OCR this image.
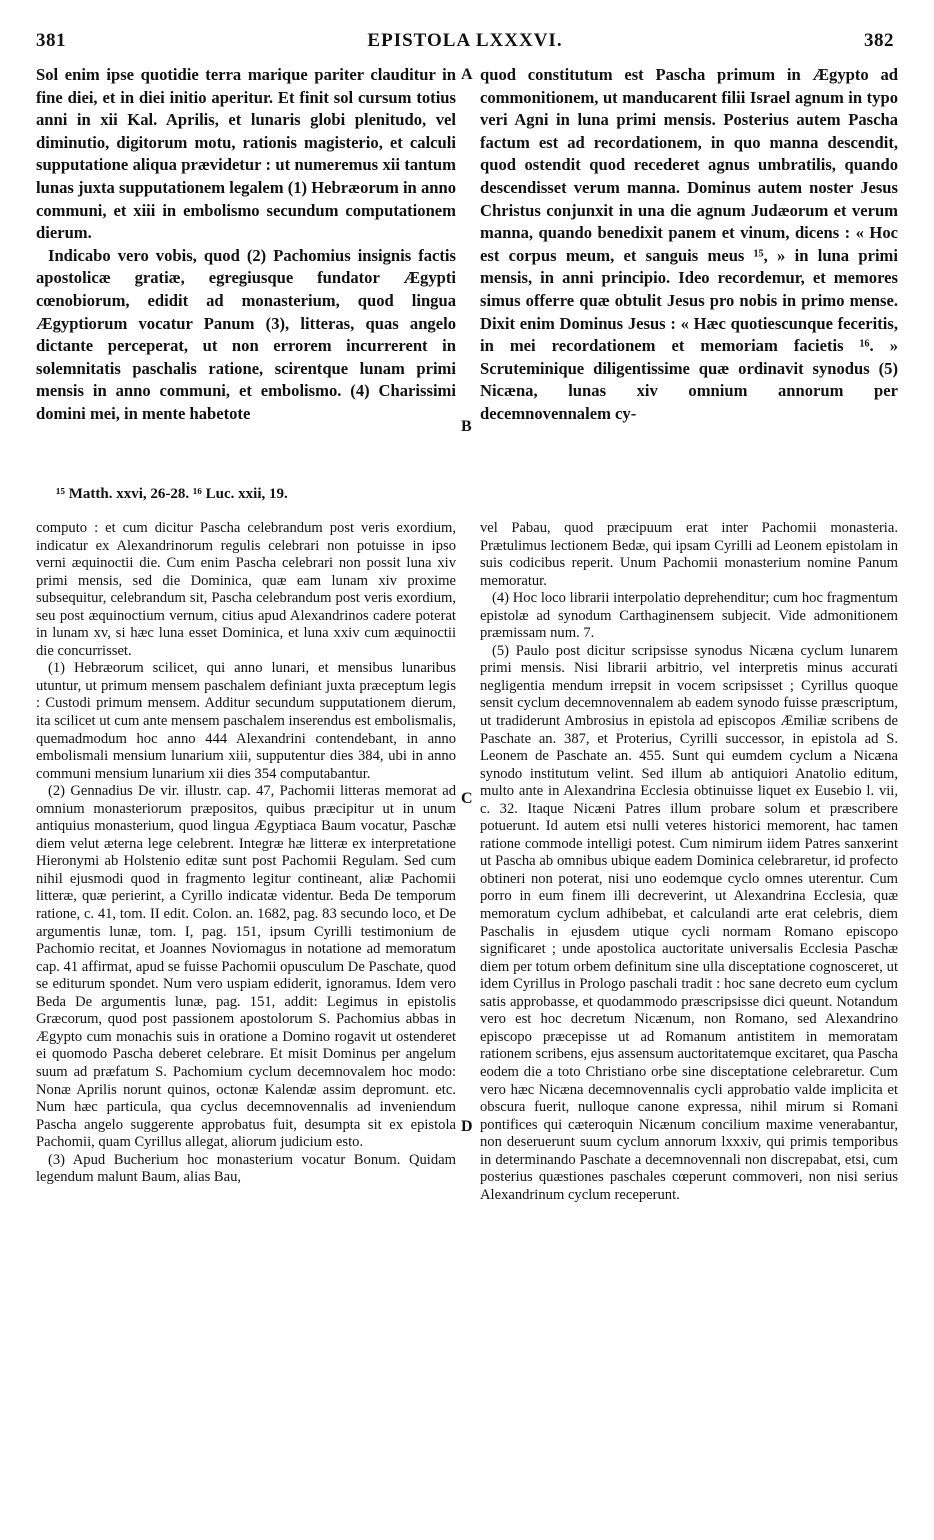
381	EPISTOLA LXXXVI.	382

Sol enim ipse quotidie terra marique pariter clauditur in fine diei, et in diei initio aperitur. Et finit sol cursum totius anni in xii Kal. Aprilis, et lunaris globi plenitudo, vel diminutio, digitorum motu, rationis magisterio, et calculi supputatione aliqua prævidetur : ut numeremus xii tantum lunas juxta supputationem legalem (1) Hebræorum in anno communi, et xiii in embolismo secundum computationem dierum.

Indicabo vero vobis, quod (2) Pachomius insignis factis apostolicæ gratiæ, egregiusque fundator Ægypti cœnobiorum, edidit ad monasterium, quod lingua Ægyptiorum vocatur Panum (3), litteras, quas angelo dictante perceperat, ut non errorem incurrerent in solemnitatis paschalis ratione, scirentque lunam primi mensis in anno communi, et embolismo. (4) Charissimi domini mei, in mente habetote

A
B
C
D

quod constitutum est Pascha primum in Ægypto ad commonitionem, ut manducarent filii Israel agnum in typo veri Agni in luna primi mensis. Posterius autem Pascha factum est ad recordationem, in quo manna descendit, quod ostendit quod recederet agnus umbratilis, quando descendisset verum manna. Dominus autem noster Jesus Christus conjunxit in una die agnum Judæorum et verum manna, quando benedixit panem et vinum, dicens : « Hoc est corpus meum, et sanguis meus ¹⁵, » in luna primi mensis, in anni principio. Ideo recordemur, et memores simus offerre quæ obtulit Jesus pro nobis in primo mense. Dixit enim Dominus Jesus : « Hæc quotiescunque feceritis, in mei recordationem et memoriam facietis ¹⁶. » Scruteminique diligentissime quæ ordinavit synodus (5) Nicæna, lunas xiv omnium annorum per decemnovennalem cy-

¹⁵ Matth. xxvi, 26-28. ¹⁶ Luc. xxii, 19.

computo : et cum dicitur Pascha celebrandum post veris exordium, indicatur ex Alexandrinorum regulis celebrari non potuisse in ipso verni æquinoctii die. Cum enim Pascha celebrari non possit luna xiv primi mensis, sed die Dominica, quæ eam lunam xiv proxime subsequitur, celebrandum sit, Pascha celebrandum post veris exordium, seu post æquinoctium vernum, citius apud Alexandrinos cadere poterat in lunam xv, si hæc luna esset Dominica, et luna xxiv cum æquinoctii die concurrisset.

(1) Hebræorum scilicet, qui anno lunari, et mensibus lunaribus utuntur, ut primum mensem paschalem definiant juxta præceptum legis : Custodi primum mensem. Additur secundum supputationem dierum, ita scilicet ut cum ante mensem paschalem inserendus est embolismalis, quemadmodum hoc anno 444 Alexandrini contendebant, in anno embolismali mensium lunarium xiii, supputentur dies 384, ubi in anno communi mensium lunarium xii dies 354 computabantur.

(2) Gennadius De vir. illustr. cap. 47, Pachomii litteras memorat ad omnium monasteriorum præpositos, quibus præcipitur ut in unum antiquius monasterium, quod lingua Ægyptiaca Baum vocatur, Paschæ diem velut æterna lege celebrent. Integræ hæ litteræ ex interpretatione Hieronymi ab Holstenio editæ sunt post Pachomii Regulam. Sed cum nihil ejusmodi quod in fragmento legitur contineant, aliæ Pachomii litteræ, quæ perierint, a Cyrillo indicatæ videntur. Beda De temporum ratione, c. 41, tom. II edit. Colon. an. 1682, pag. 83 secundo loco, et De argumentis lunæ, tom. I, pag. 151, ipsum Cyrilli testimonium de Pachomio recitat, et Joannes Noviomagus in notatione ad memoratum cap. 41 affirmat, apud se fuisse Pachomii opusculum De Paschate, quod se editurum spondet. Num vero uspiam ediderit, ignoramus. Idem vero Beda De argumentis lunæ, pag. 151, addit: Legimus in epistolis Græcorum, quod post passionem apostolorum S. Pachomius abbas in Ægypto cum monachis suis in oratione a Domino rogavit ut ostenderet ei quomodo Pascha deberet celebrare. Et misit Dominus per angelum suum ad præfatum S. Pachomium cyclum decemnovalem hoc modo: Nonæ Aprilis norunt quinos, octonæ Kalendæ assim depromunt. etc. Num hæc particula, qua cyclus decemnovennalis ad inveniendum Pascha angelo suggerente approbatus fuit, desumpta sit ex epistola Pachomii, quam Cyrillus allegat, aliorum judicium esto.

(3) Apud Bucherium hoc monasterium vocatur Bonum. Quidam legendum malunt Baum, alias Bau,

vel Pabau, quod præcipuum erat inter Pachomii monasteria. Prætulimus lectionem Bedæ, qui ipsam Cyrilli ad Leonem epistolam in suis codicibus reperit. Unum Pachomii monasterium nomine Panum memoratur.

(4) Hoc loco librarii interpolatio deprehenditur; cum hoc fragmentum epistolæ ad synodum Carthaginensem subjecit. Vide admonitionem præmissam num. 7.

(5) Paulo post dicitur scripsisse synodus Nicæna cyclum lunarem primi mensis. Nisi librarii arbitrio, vel interpretis minus accurati negligentia mendum irrepsit in vocem scripsisset ; Cyrillus quoque sensit cyclum decemnovennalem ab eadem synodo fuisse præscriptum, ut tradiderunt Ambrosius in epistola ad episcopos Æmiliæ scribens de Paschate an. 387, et Proterius, Cyrilli successor, in epistola ad S. Leonem de Paschate an. 455. Sunt qui eumdem cyclum a Nicæna synodo institutum velint. Sed illum ab antiquiori Anatolio editum, multo ante in Alexandrina Ecclesia obtinuisse liquet ex Eusebio l. vii, c. 32. Itaque Nicæni Patres illum probare solum et præscribere potuerunt. Id autem etsi nulli veteres historici memorent, hac tamen ratione commode intelligi potest. Cum nimirum iidem Patres sanxerint ut Pascha ab omnibus ubique eadem Dominica celebraretur, id profecto obtineri non poterat, nisi uno eodemque cyclo omnes uterentur. Cum porro in eum finem illi decreverint, ut Alexandrina Ecclesia, quæ memoratum cyclum adhibebat, et calculandi arte erat celebris, diem Paschalis in ejusdem utique cycli normam Romano episcopo significaret ; unde apostolica auctoritate universalis Ecclesia Paschæ diem per totum orbem definitum sine ulla disceptatione cognosceret, ut idem Cyrillus in Prologo paschali tradit : hoc sane decreto eum cyclum satis approbasse, et quodammodo præscripsisse dici queunt. Notandum vero est hoc decretum Nicænum, non Romano, sed Alexandrino episcopo præcepisse ut ad Romanum antistitem in memoratam rationem scribens, ejus assensum auctoritatemque excitaret, qua Pascha eodem die a toto Christiano orbe sine disceptatione celebraretur. Cum vero hæc Nicæna decemnovennalis cycli approbatio valde implicita et obscura fuerit, nulloque canone expressa, nihil mirum si Romani pontifices qui cæteroquin Nicænum concilium maxime venerabantur, non deseruerunt suum cyclum annorum lxxxiv, qui primis temporibus in determinando Paschate a decemnovennali non discrepabat, etsi, cum posterius quæstiones paschales cœperunt commoveri, non nisi serius Alexandrinum cyclum receperunt.
